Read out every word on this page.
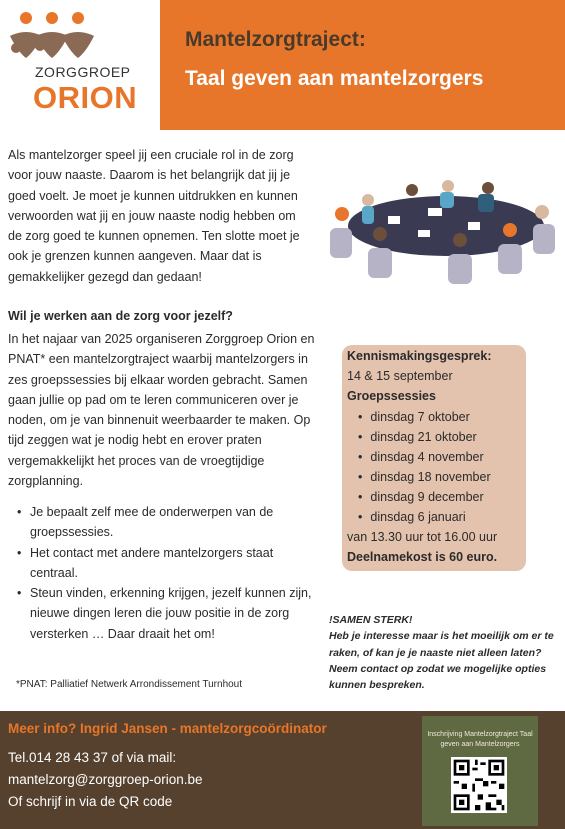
ZORGGROEP
ORION
Mantelzorgtraject:
Taal geven aan mantelzorgers
Als mantelzorger speel jij een cruciale rol in de zorg voor jouw naaste. Daarom is het belangrijk dat jij je goed voelt. Je moet je kunnen uitdrukken en kunnen verwoorden wat jij en jouw naaste nodig hebben om de zorg goed te kunnen opnemen. Ten slotte moet je ook je grenzen kunnen aangeven. Maar dat is gemakkelijker gezegd dan gedaan!
Wil je werken aan de zorg voor jezelf?
In het najaar van 2025 organiseren Zorggroep Orion en PNAT* een mantelzorgtraject waarbij mantelzorgers in zes groepssessies bij elkaar worden gebracht. Samen gaan jullie op pad om te leren communiceren over je noden, om je van binnenuit weerbaarder te maken. Op tijd zeggen wat je nodig hebt en erover praten vergemakkelijkt het proces van de vroegtijdige zorgplanning.
• Je bepaalt zelf mee de onderwerpen van de groepssessies.
• Het contact met andere mantelzorgers staat centraal.
• Steun vinden, erkenning krijgen, jezelf kunnen zijn, nieuwe dingen leren die jouw positie in de zorg versterken … Daar draait het om!
*PNAT: Palliatief Netwerk Arrondissement Turnhout
Kennismakingsgesprek:
14 & 15 september
Groepssessies
• dinsdag 7 oktober
• dinsdag 21 oktober
• dinsdag 4 november
• dinsdag 18 november
• dinsdag 9 december
• dinsdag 6 januari
van 13.30 uur tot 16.00 uur
Deelnamekost is 60 euro.
!SAMEN STERK!
Heb je interesse maar is het moeilijk om er te raken, of kan je je naaste niet alleen laten? Neem contact op zodat we mogelijke opties kunnen bespreken.
Meer info? Ingrid Jansen - mantelzorgcoördinator
Tel.014 28 43 37 of via mail:
mantelzorg@zorggroep-orion.be
Of schrijf in via de QR code
Inschrijving Mantelzorgtraject Taal geven aan Mantelzorgers
